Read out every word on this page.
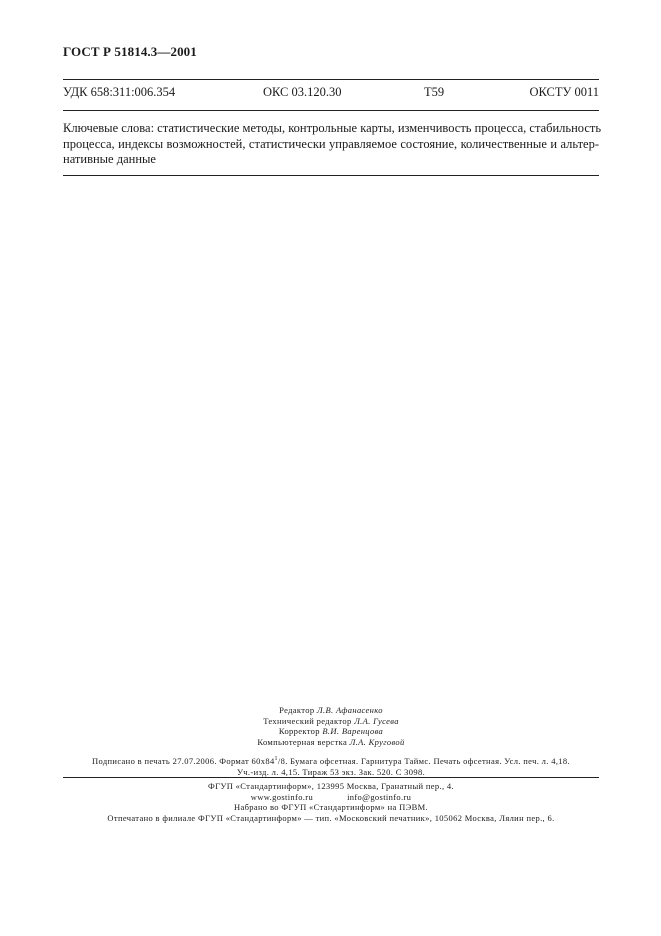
ГОСТ Р 51814.3—2001
УДК 658:311:006.354	ОКС 03.120.30	Т59	ОКСТУ 0011
Ключевые слова: статистические методы, контрольные карты, изменчивость процесса, стабильность
процесса, индексы возможностей, статистически управляемое состояние, количественные и альтер-
нативные данные
Редактор Л.В. Афанасенко
Технический редактор Л.А. Гусева
Корректор В.И. Варенцова
Компьютерная верстка Л.А. Круговой
Подписано в печать 27.07.2006. Формат $60x84^1/8$. Бумага офсетная. Гарнитура Таймс. Печать офсетная. Усл. печ. л. 4,18.
Уч.-изд. л. 4,15. Тираж 53 экз. Зак. 520. С 3098.
ФГУП «Стандартинформ», 123995 Москва, Гранатный пер., 4.
www.gostinfo.ru	info@gostinfo.ru
Набрано во ФГУП «Стандартинформ» на ПЭВМ.
Отпечатано в филиале ФГУП «Стандартинформ» — тип. «Московский печатник», 105062 Москва, Лялин пер., 6.
